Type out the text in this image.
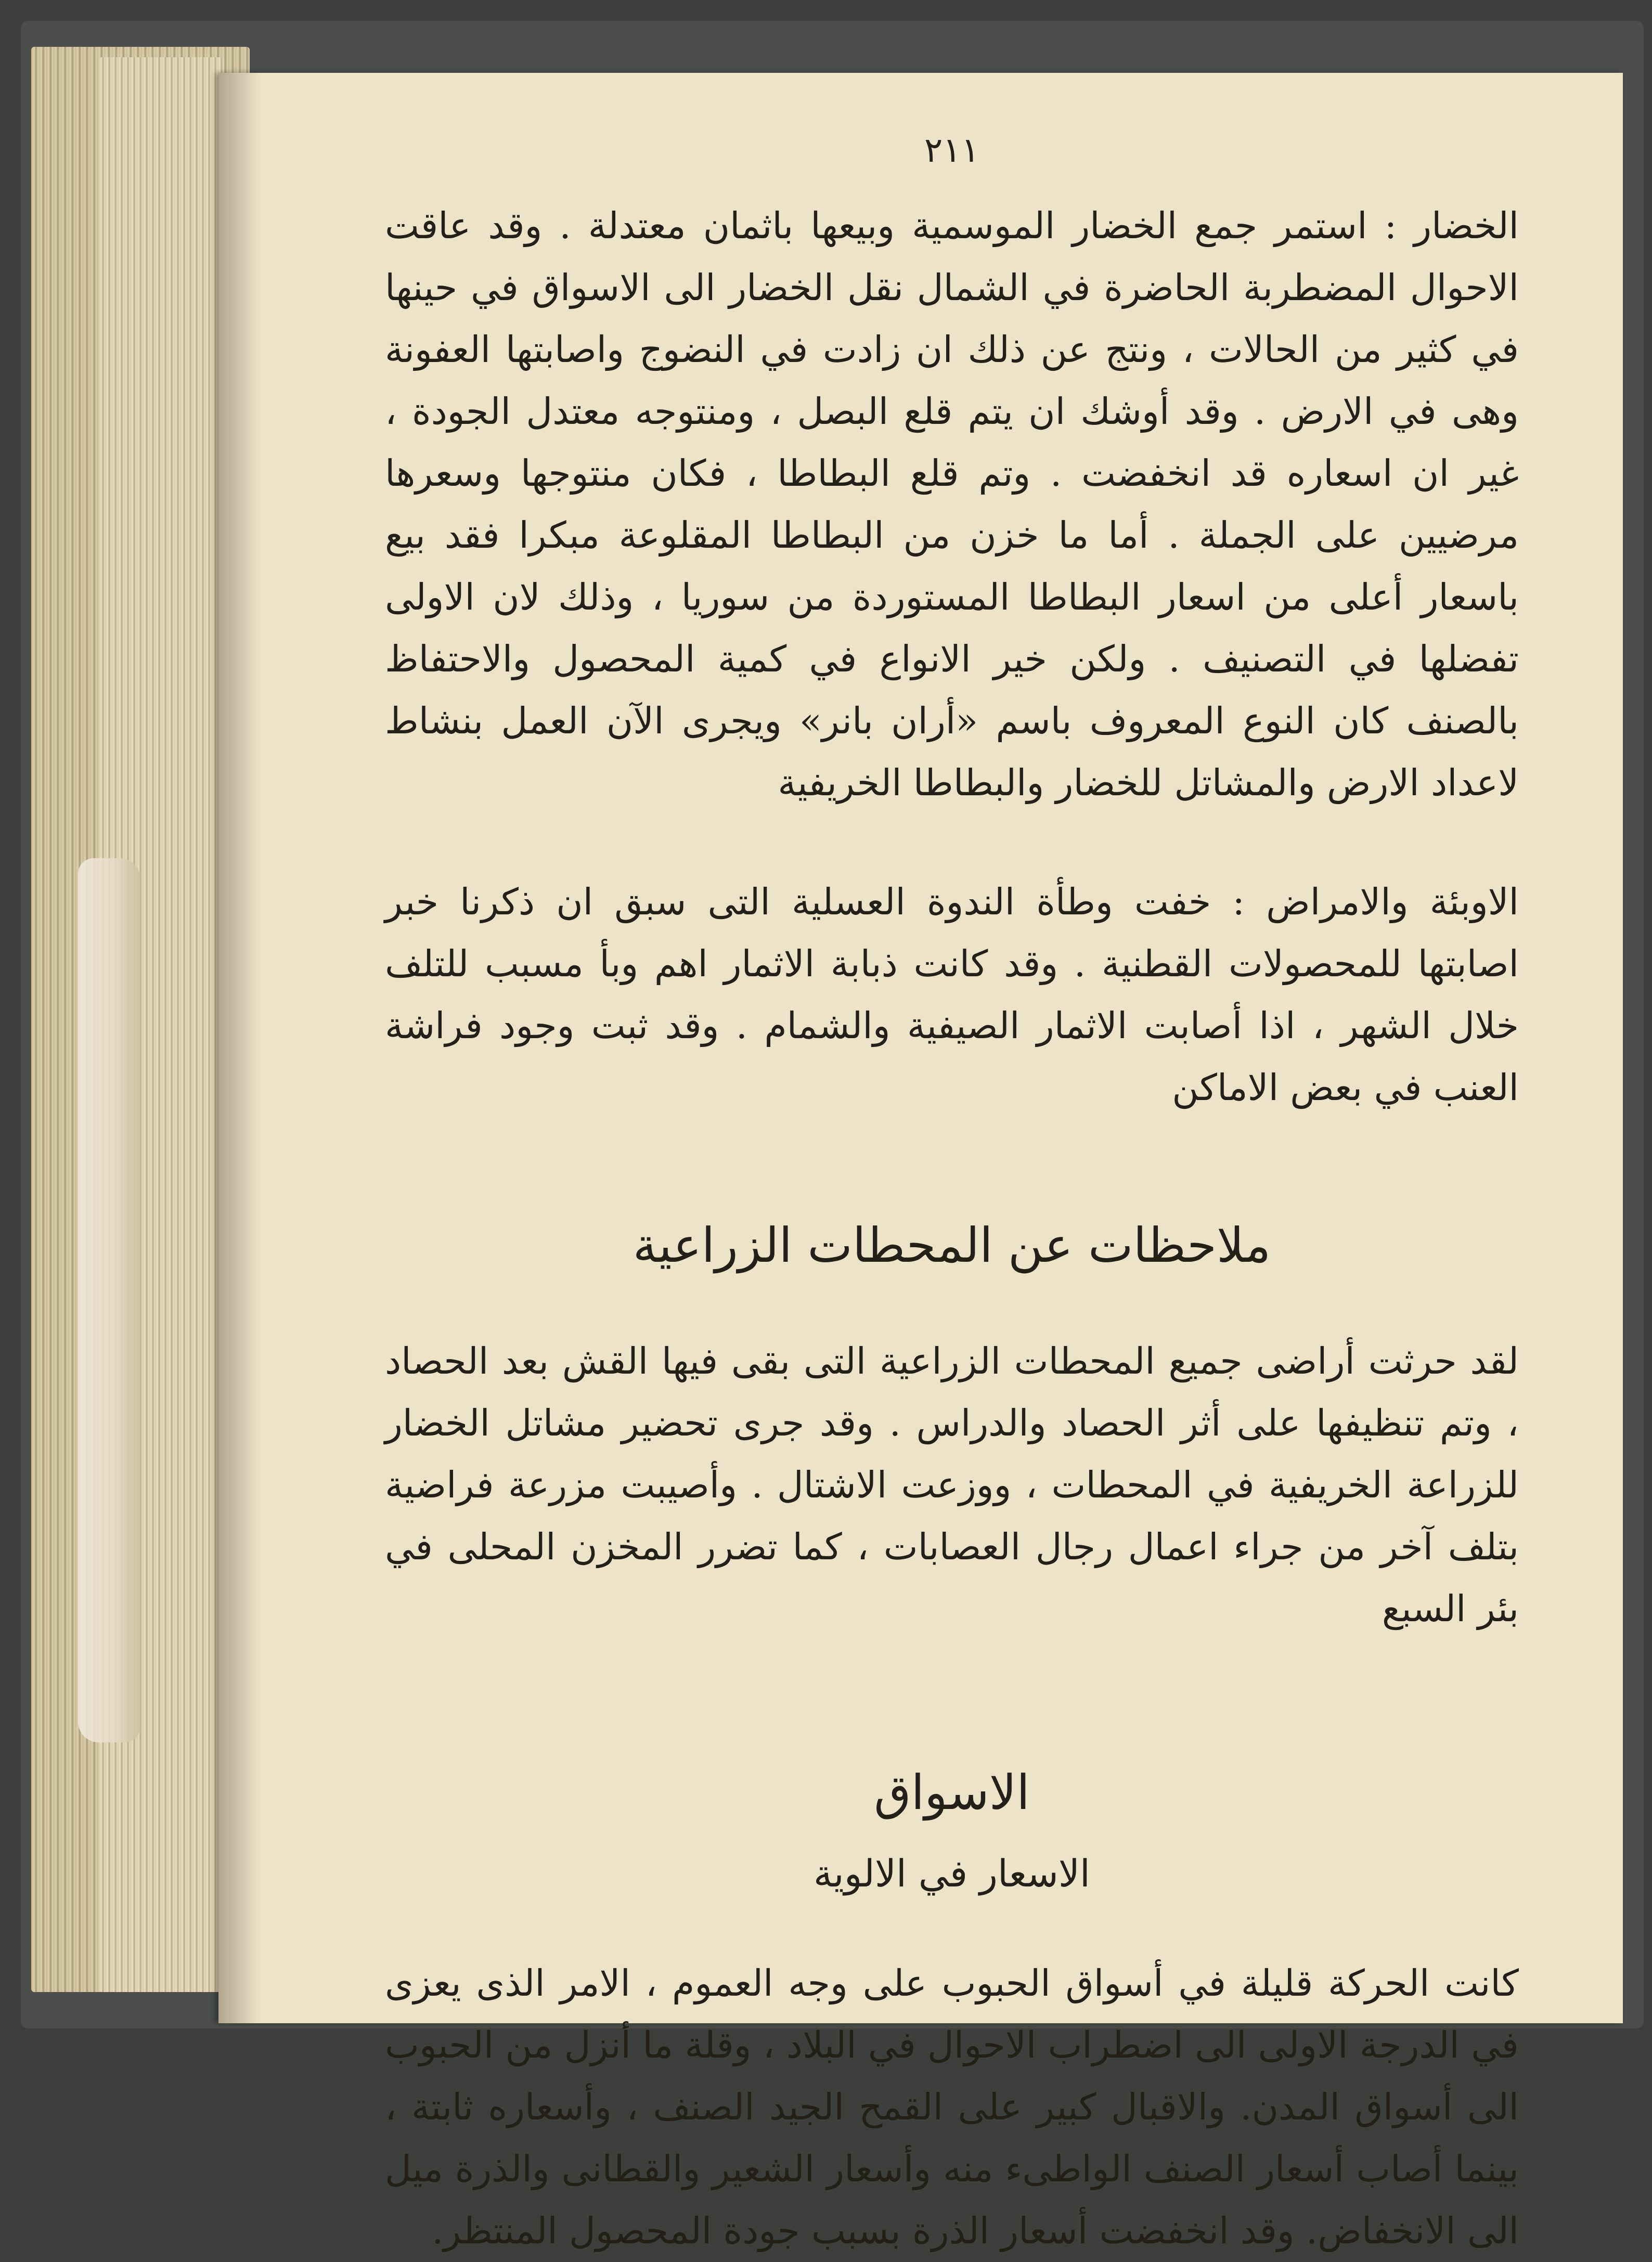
٢١١

الخضار : استمر جمع الخضار الموسمية وبيعها باثمان معتدلة . وقد عاقت الاحوال المضطربة الحاضرة في الشمال نقل الخضار الى الاسواق في حينها في كثير من الحالات ، ونتج عن ذلك ان زادت في النضوج واصابتها العفونة وهى في الارض . وقد أوشك ان يتم قلع البصل ، ومنتوجه معتدل الجودة ، غير ان اسعاره قد انخفضت . وتم قلع البطاطا ، فكان منتوجها وسعرها مرضيين على الجملة . أما ما خزن من البطاطا المقلوعة مبكرا فقد بيع باسعار أعلى من اسعار البطاطا المستوردة من سوريا ، وذلك لان الاولى تفضلها في التصنيف . ولكن خير الانواع في كمية المحصول والاحتفاظ بالصنف كان النوع المعروف باسم «أران بانر» ويجرى الآن العمل بنشاط لاعداد الارض والمشاتل للخضار والبطاطا الخريفية

الاوبئة والامراض : خفت وطأة الندوة العسلية التى سبق ان ذكرنا خبر اصابتها للمحصولات القطنية . وقد كانت ذبابة الاثمار اهم وبأ مسبب للتلف خلال الشهر ، اذا أصابت الاثمار الصيفية والشمام . وقد ثبت وجود فراشة العنب في بعض الاماكن

ملاحظات عن المحطات الزراعية

لقد حرثت أراضى جميع المحطات الزراعية التى بقى فيها القش بعد الحصاد ، وتم تنظيفها على أثر الحصاد والدراس . وقد جرى تحضير مشاتل الخضار للزراعة الخريفية في المحطات ، ووزعت الاشتال . وأصيبت مزرعة فراضية بتلف آخر من جراء اعمال رجال العصابات ، كما تضرر المخزن المحلى في بئر السبع

الاسواق
الاسعار في الالوية

كانت الحركة قليلة في أسواق الحبوب على وجه العموم ، الامر الذى يعزى في الدرجة الاولى الى اضطراب الاحوال في البلاد ، وقلة ما أنزل من الحبوب الى أسواق المدن. والاقبال كبير على القمح الجيد الصنف ، وأسعاره ثابتة ، بينما أصاب أسعار الصنف الواطىء منه وأسعار الشعير والقطانى والذرة ميل الى الانخفاض. وقد انخفضت أسعار الذرة بسبب جودة المحصول المنتظر.
